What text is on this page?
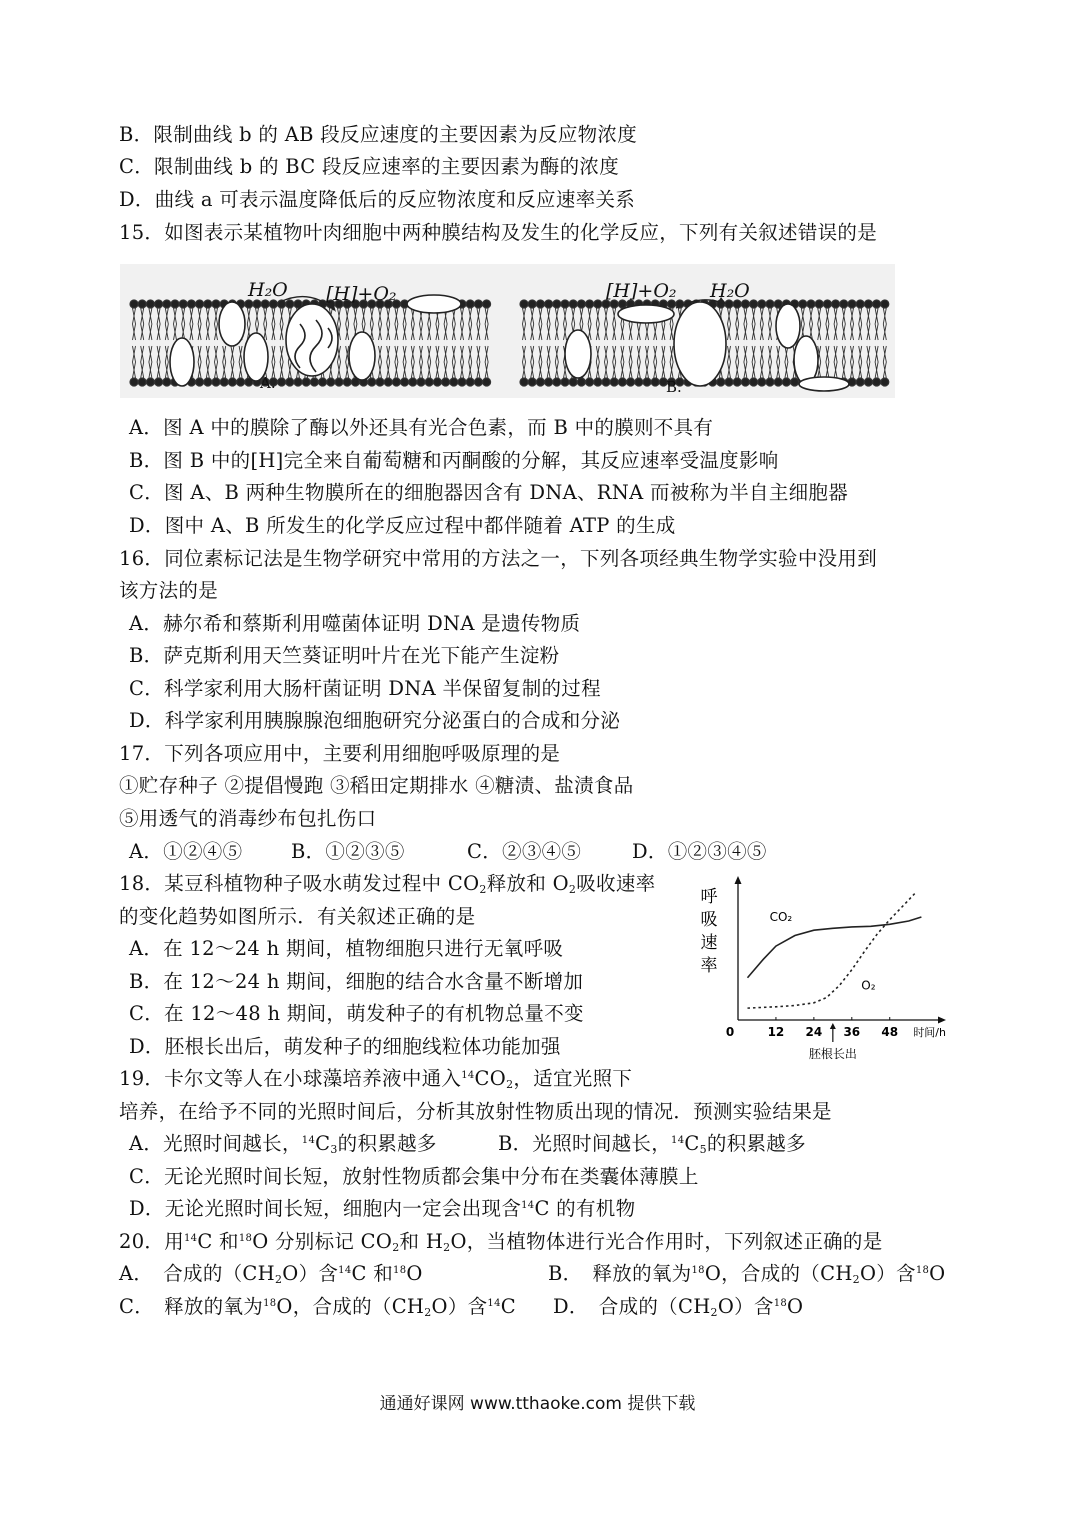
B．限制曲线 b 的 AB 段反应速度的主要因素为反应物浓度
C．限制曲线 b 的 BC 段反应速率的主要因素为酶的浓度
D．曲线 a 可表示温度降低后的反应物浓度和反应速率关系
15．如图表示某植物叶肉细胞中两种膜结构及发生的化学反应，下列有关叙述错误的是
H₂O [H]+O₂	[H]+O₂ H₂O
A.	B.
A．图 A 中的膜除了酶以外还具有光合色素，而 B 中的膜则不具有
B．图 B 中的[H]完全来自葡萄糖和丙酮酸的分解，其反应速率受温度影响
C．图 A、B 两种生物膜所在的细胞器因含有 DNA、RNA 而被称为半自主细胞器
D．图中 A、B 所发生的化学反应过程中都伴随着 ATP 的生成
16．同位素标记法是生物学研究中常用的方法之一，下列各项经典生物学实验中没用到
该方法的是
A．赫尔希和蔡斯利用噬菌体证明 DNA 是遗传物质
B．萨克斯利用天竺葵证明叶片在光下能产生淀粉
C．科学家利用大肠杆菌证明 DNA 半保留复制的过程
D．科学家利用胰腺腺泡细胞研究分泌蛋白的合成和分泌
17．下列各项应用中，主要利用细胞呼吸原理的是
①贮存种子 ②提倡慢跑 ③稻田定期排水 ④糖渍、盐渍食品
⑤用透气的消毒纱布包扎伤口
A．①②④⑤ B．①②③⑤	C．②③④⑤	D．①②③④⑤
18．某豆科植物种子吸水萌发过程中 $CO_2$释放和 $O_2$吸收速率
的变化趋势如图所示．有关叙述正确的是
A．在 12～24 h 期间，植物细胞只进行无氧呼吸
B．在 12～24 h 期间，细胞的结合水含量不断增加
C．在 12～48 h 期间，萌发种子的有机物总量不变
D．胚根长出后，萌发种子的细胞线粒体功能加强
呼
吸
速
率
0	12 24 36 48 时间/h
胚根长出
CO₂
O₂
19．卡尔文等人在小球藻培养液中通入$^{14}CO_2$，适宜光照下
培养，在给予不同的光照时间后，分析其放射性物质出现的情况．预测实验结果是
A．光照时间越长，$^{14}C_3$的积累越多	B．光照时间越长，$^{14}C_5$的积累越多
C．无论光照时间长短，放射性物质都会集中分布在类囊体薄膜上
D．无论光照时间长短，细胞内一定会出现含$^{14}$C 的有机物
20．用$^{14}$C 和$^{18}$O 分别标记 $CO_2$和 $H_2O$，当植物体进行光合作用时，下列叙述正确的是
A．　合成的$(CH_2O)$含$^{14}$C 和$^{18}$O	B．　释放的氧为$^{18}$O，合成的$(CH_2O)$含$^{18}$O
C．　释放的氧为$^{18}$O，合成的$(CH_2O)$含$^{14}$C D．　合成的$(CH_2O)$含$^{18}$O
通通好课网 www.tthaoke.com 提供下载
